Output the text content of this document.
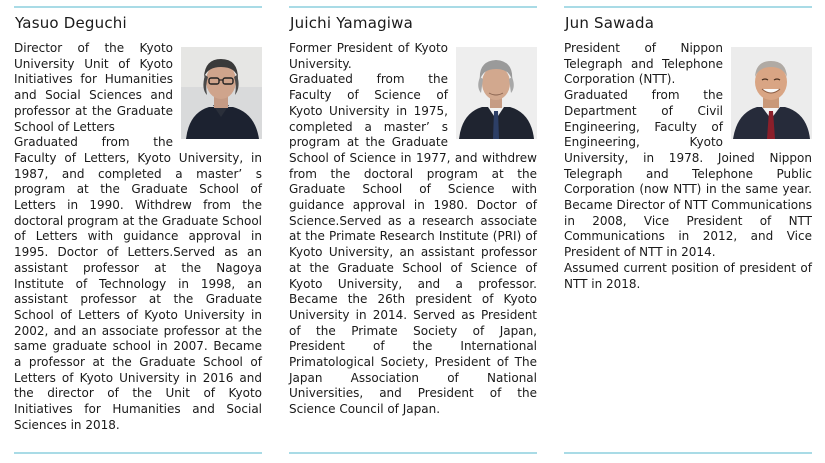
Yasuo Deguchi

Director of the Kyoto University Unit of Kyoto Initiatives for Humanities and Social Sciences and professor at the Graduate School of Letters

Graduated from the Faculty of Letters, Kyoto University, in 1987, and completed a master’ s program at the Graduate School of Letters in 1990. Withdrew from the doctoral program at the Graduate School of Letters with guidance approval in 1995. Doctor of Letters.Served as an assistant professor at the Nagoya Institute of Technology in 1998, an assistant professor at the Graduate School of Letters of Kyoto University in 2002, and an associate professor at the same graduate school in 2007. Became a professor at the Graduate School of Letters of Kyoto University in 2016 and the director of the Unit of Kyoto Initiatives for Humanities and Social Sciences in 2018.

Juichi Yamagiwa

Former President of Kyoto University.

Graduated from the Faculty of Science of Kyoto University in 1975, completed a master’ s program at the Graduate School of Science in 1977, and withdrew from the doctoral program at the Graduate School of Science with guidance approval in 1980. Doctor of Science.Served as a research associate at the Primate Research Institute (PRI) of Kyoto University, an assistant professor at the Graduate School of Science of Kyoto University, and a professor. Became the 26th president of Kyoto University in 2014. Served as President of the Primate Society of Japan, President of the International Primatological Society, President of The Japan Association of National Universities, and President of the Science Council of Japan.

Jun Sawada

President of Nippon Telegraph and Telephone Corporation (NTT).

Graduated from the Department of Civil Engineering, Faculty of Engineering, Kyoto University, in 1978. Joined Nippon Telegraph and Telephone Public Corporation (now NTT) in the same year. Became Director of NTT Communications in 2008, Vice President of NTT Communications in 2012, and Vice President of NTT in 2014.

Assumed current position of president of NTT in 2018.
